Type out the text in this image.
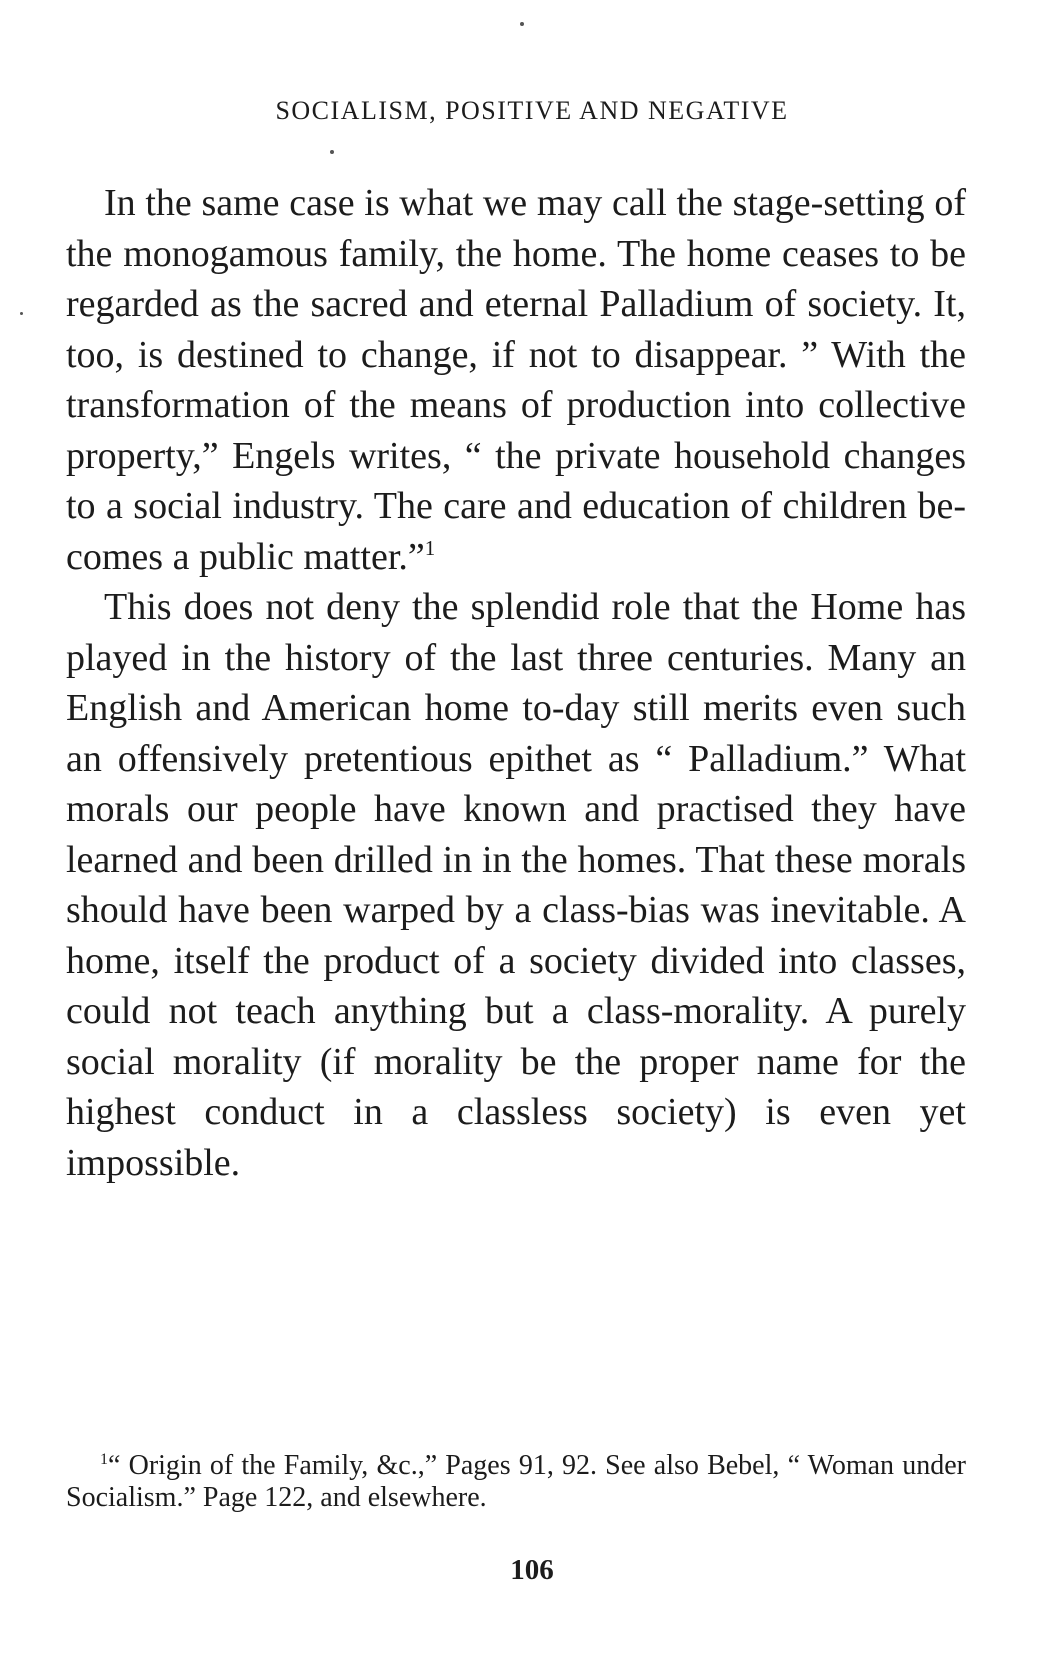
SOCIALISM, POSITIVE AND NEGATIVE

In the same case is what we may call the stage-setting of the monogamous family, the home. The home ceases to be regarded as the sacred and eternal Palladium of society. It, too, is destined to change, if not to disappear. ” With the transformation of the means of production into collective property,” Engels writes, “ the private household changes to a social industry. The care and education of children becomes a public matter.”$^1$

This does not deny the splendid role that the Home has played in the history of the last three centuries. Many an English and American home to-day still merits even such an offensively pretentious epithet as “ Palladium.” What morals our people have known and practised they have learned and been drilled in in the homes. That these morals should have been warped by a class-bias was inevitable. A home, itself the product of a society divided into classes, could not teach anything but a class-morality. A purely social morality (if morality be the proper name for the highest conduct in a classless society) is even yet impossible.

$^1$“ Origin of the Family, &c.,” Pages 91, 92. See also Bebel, “ Woman under Socialism.” Page 122, and elsewhere.
106
